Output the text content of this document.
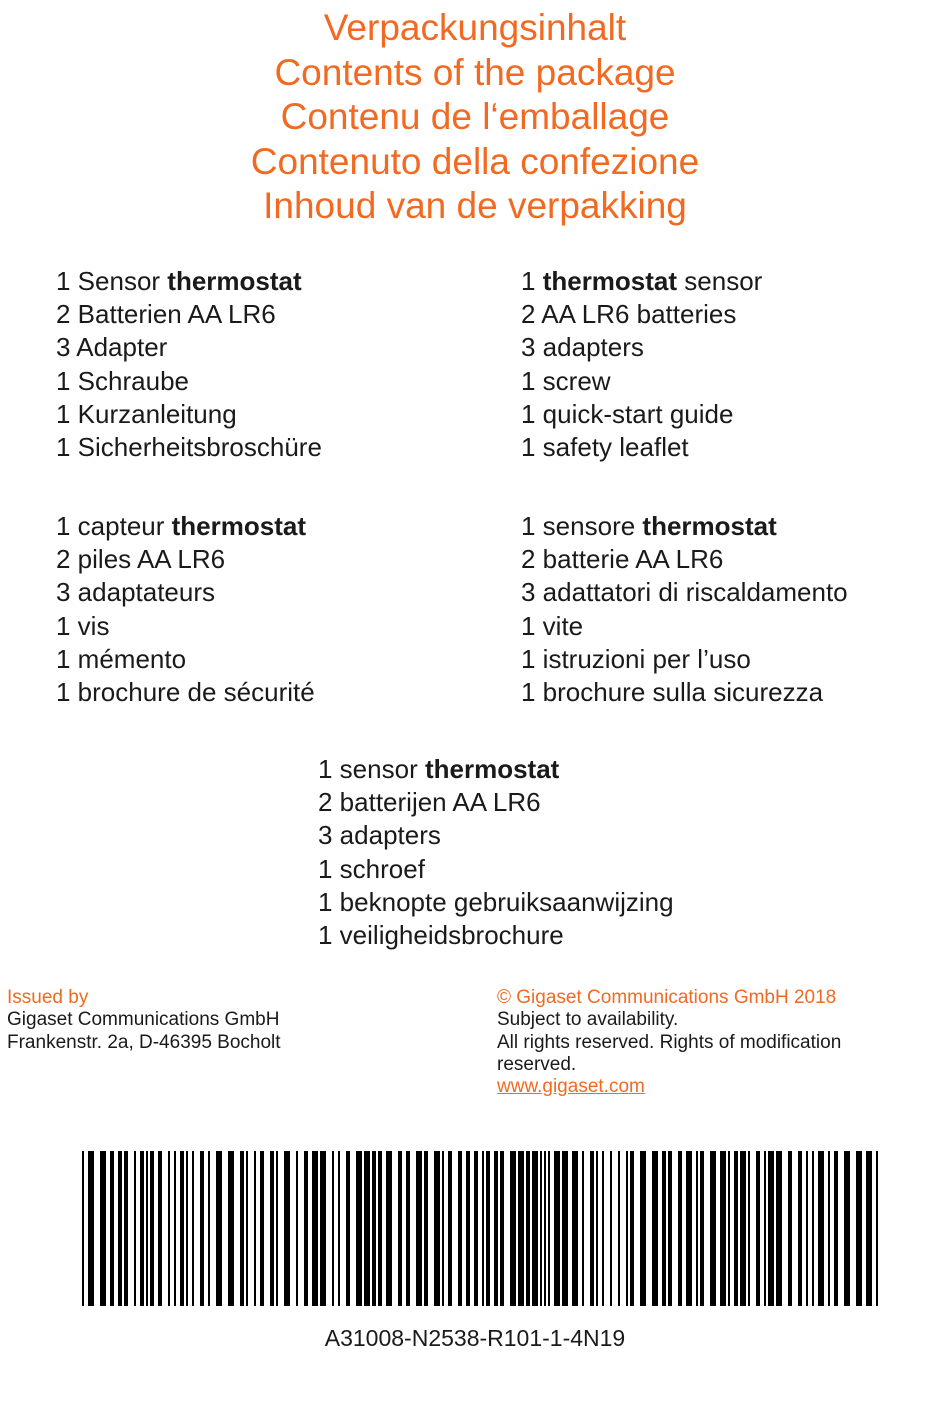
Verpackungsinhalt
Contents of the package
Contenu de l‘emballage
Contenuto della confezione
Inhoud van de verpakking
1 Sensor thermostat
2 Batterien AA LR6
3 Adapter
1 Schraube
1 Kurzanleitung
1 Sicherheitsbroschüre
1 thermostat sensor
2 AA LR6 batteries
3 adapters
1 screw
1 quick-start guide
1 safety leaflet
1 capteur thermostat
2 piles AA LR6
3 adaptateurs
1 vis
1 mémento
1 brochure de sécurité
1 sensore thermostat
2 batterie AA LR6
3 adattatori di riscaldamento
1 vite
1 istruzioni per l’uso
1 brochure sulla sicurezza
1 sensor thermostat
2 batterijen AA LR6
3 adapters
1 schroef
1 beknopte gebruiksaanwijzing
1 veiligheidsbrochure
Issued by
Gigaset Communications GmbH
Frankenstr. 2a, D-46395 Bocholt
© Gigaset Communications GmbH 2018
Subject to availability.
All rights reserved. Rights of modification
reserved.
www.gigaset.com
A31008-N2538-R101-1-4N19
